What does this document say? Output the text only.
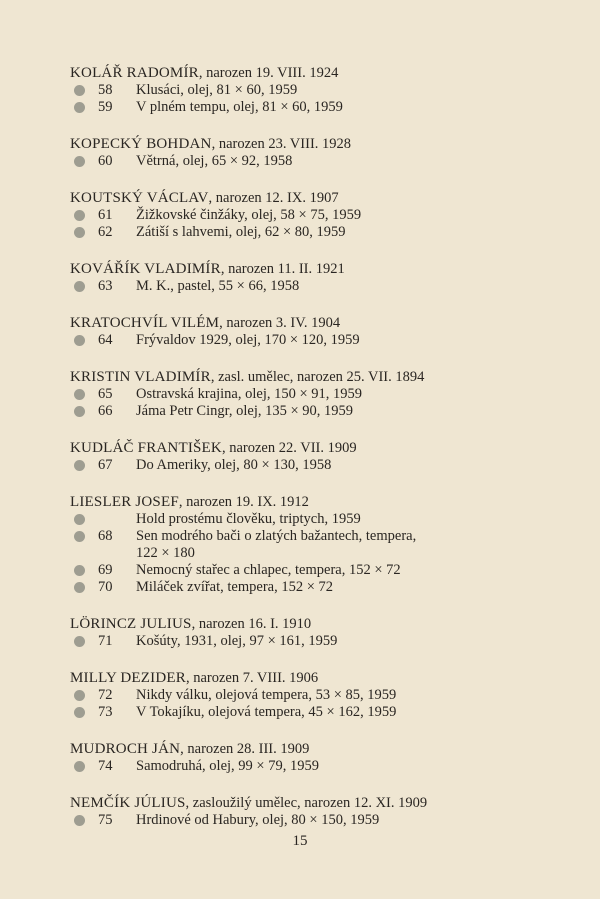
KOLÁŘ RADOMÍR, narozen 19. VIII. 1924
58	Klusáci, olej, 81 × 60, 1959
59	V plném tempu, olej, 81 × 60, 1959
KOPECKÝ BOHDAN, narozen 23. VIII. 1928
60	Větrná, olej, 65 × 92, 1958
KOUTSKÝ VÁCLAV, narozen 12. IX. 1907
61	Žižkovské činžáky, olej, 58 × 75, 1959
62	Zátiší s lahvemi, olej, 62 × 80, 1959
KOVÁŘÍK VLADIMÍR, narozen 11. II. 1921
63	M. K., pastel, 55 × 66, 1958
KRATOCHVÍL VILÉM, narozen 3. IV. 1904
64	Frývaldov 1929, olej, 170 × 120, 1959
KRISTIN VLADIMÍR, zasl. umělec, narozen 25. VII. 1894
65	Ostravská krajina, olej, 150 × 91, 1959
66	Jáma Petr Cingr, olej, 135 × 90, 1959
KUDLÁČ FRANTIŠEK, narozen 22. VII. 1909
67	Do Ameriky, olej, 80 × 130, 1958
LIESLER JOSEF, narozen 19. IX. 1912
Hold prostému člověku, triptych, 1959
68	Sen modrého bači o zlatých bažantech, tempera,
122 × 180
69	Nemocný stařec a chlapec, tempera, 152 × 72
70	Miláček zvířat, tempera, 152 × 72
LÖRINCZ JULIUS, narozen 16. I. 1910
71	Košúty, 1931, olej, 97 × 161, 1959
MILLY DEZIDER, narozen 7. VIII. 1906
72	Nikdy válku, olejová tempera, 53 × 85, 1959
73	V Tokajíku, olejová tempera, 45 × 162, 1959
MUDROCH JÁN, narozen 28. III. 1909
74	Samodruhá, olej, 99 × 79, 1959
NEMČÍK JÚLIUS, zasloužilý umělec, narozen 12. XI. 1909
75	Hrdinové od Habury, olej, 80 × 150, 1959
15
